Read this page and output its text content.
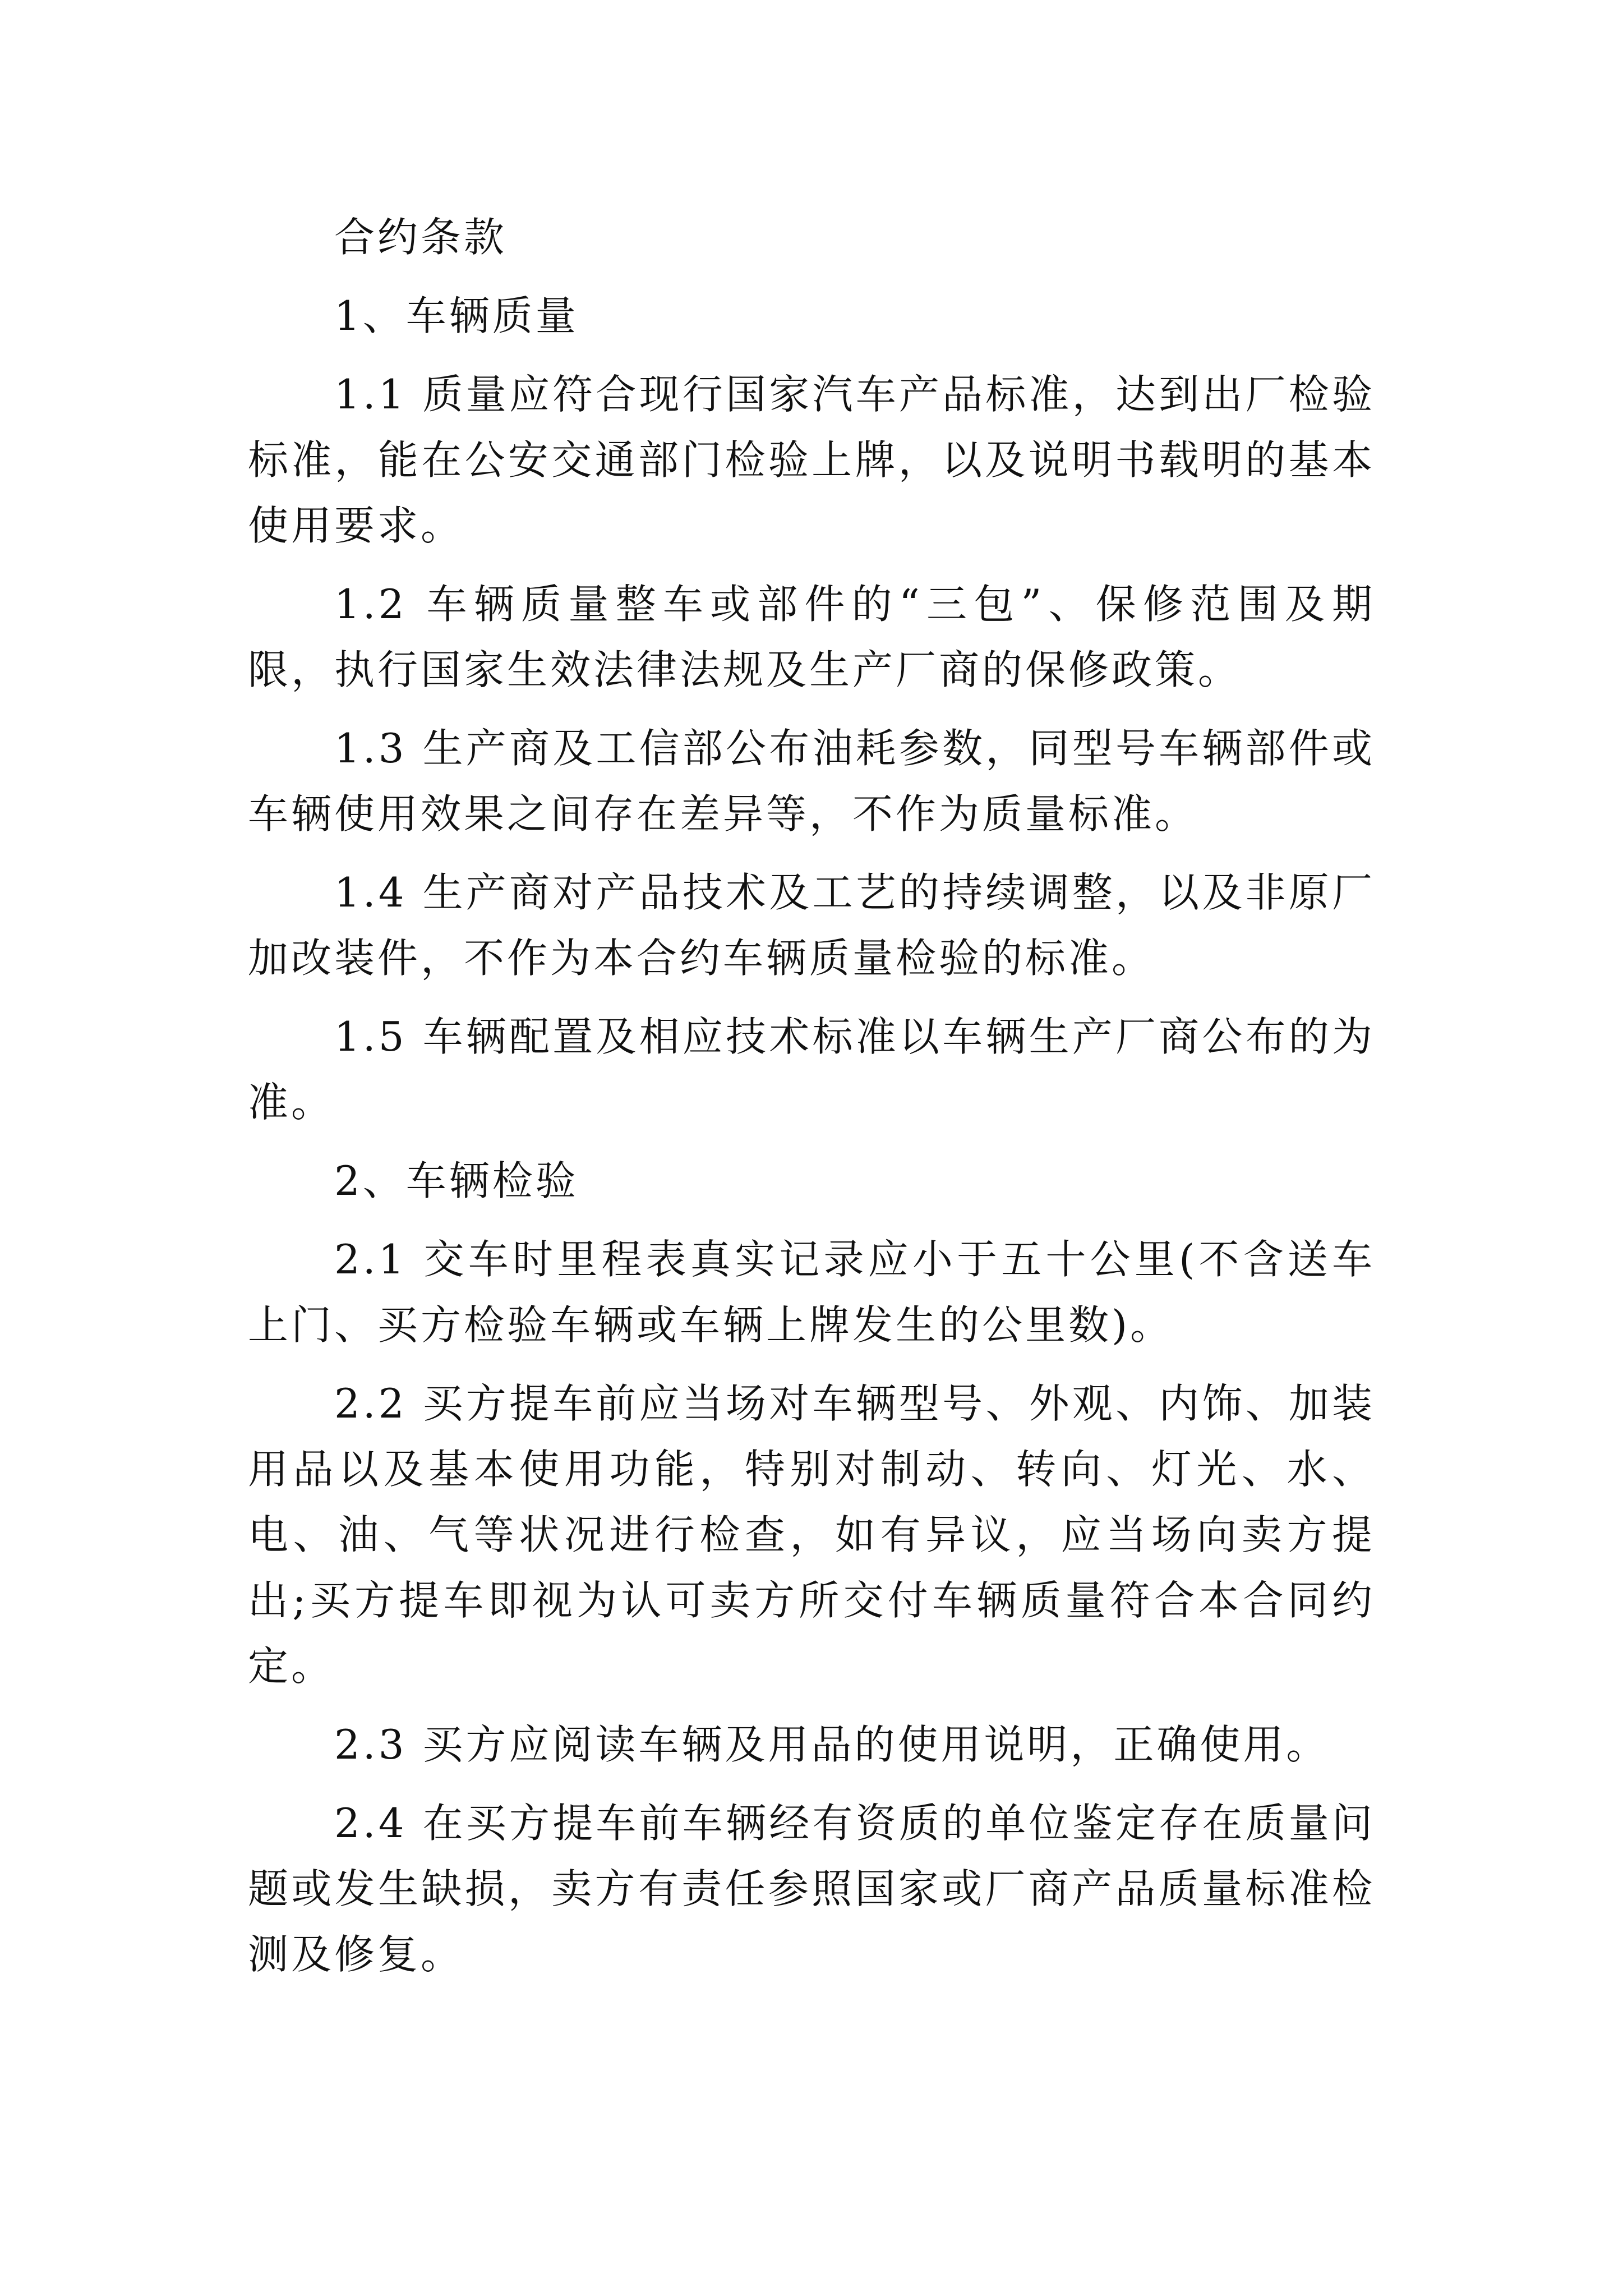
合约条款

1、车辆质量

1.1 质量应符合现行国家汽车产品标准，达到出厂检验标准，能在公安交通部门检验上牌，以及说明书载明的基本使用要求。

1.2 车辆质量整车或部件的“三包”、保修范围及期限，执行国家生效法律法规及生产厂商的保修政策。

1.3 生产商及工信部公布油耗参数，同型号车辆部件或车辆使用效果之间存在差异等，不作为质量标准。

1.4 生产商对产品技术及工艺的持续调整，以及非原厂加改装件，不作为本合约车辆质量检验的标准。

1.5 车辆配置及相应技术标准以车辆生产厂商公布的为准。

2、车辆检验

2.1 交车时里程表真实记录应小于五十公里(不含送车上门、买方检验车辆或车辆上牌发生的公里数)。

2.2 买方提车前应当场对车辆型号、外观、内饰、加装用品以及基本使用功能，特别对制动、转向、灯光、水、电、油、气等状况进行检查，如有异议，应当场向卖方提出;买方提车即视为认可卖方所交付车辆质量符合本合同约定。

2.3 买方应阅读车辆及用品的使用说明，正确使用。

2.4 在买方提车前车辆经有资质的单位鉴定存在质量问题或发生缺损，卖方有责任参照国家或厂商产品质量标准检测及修复。
